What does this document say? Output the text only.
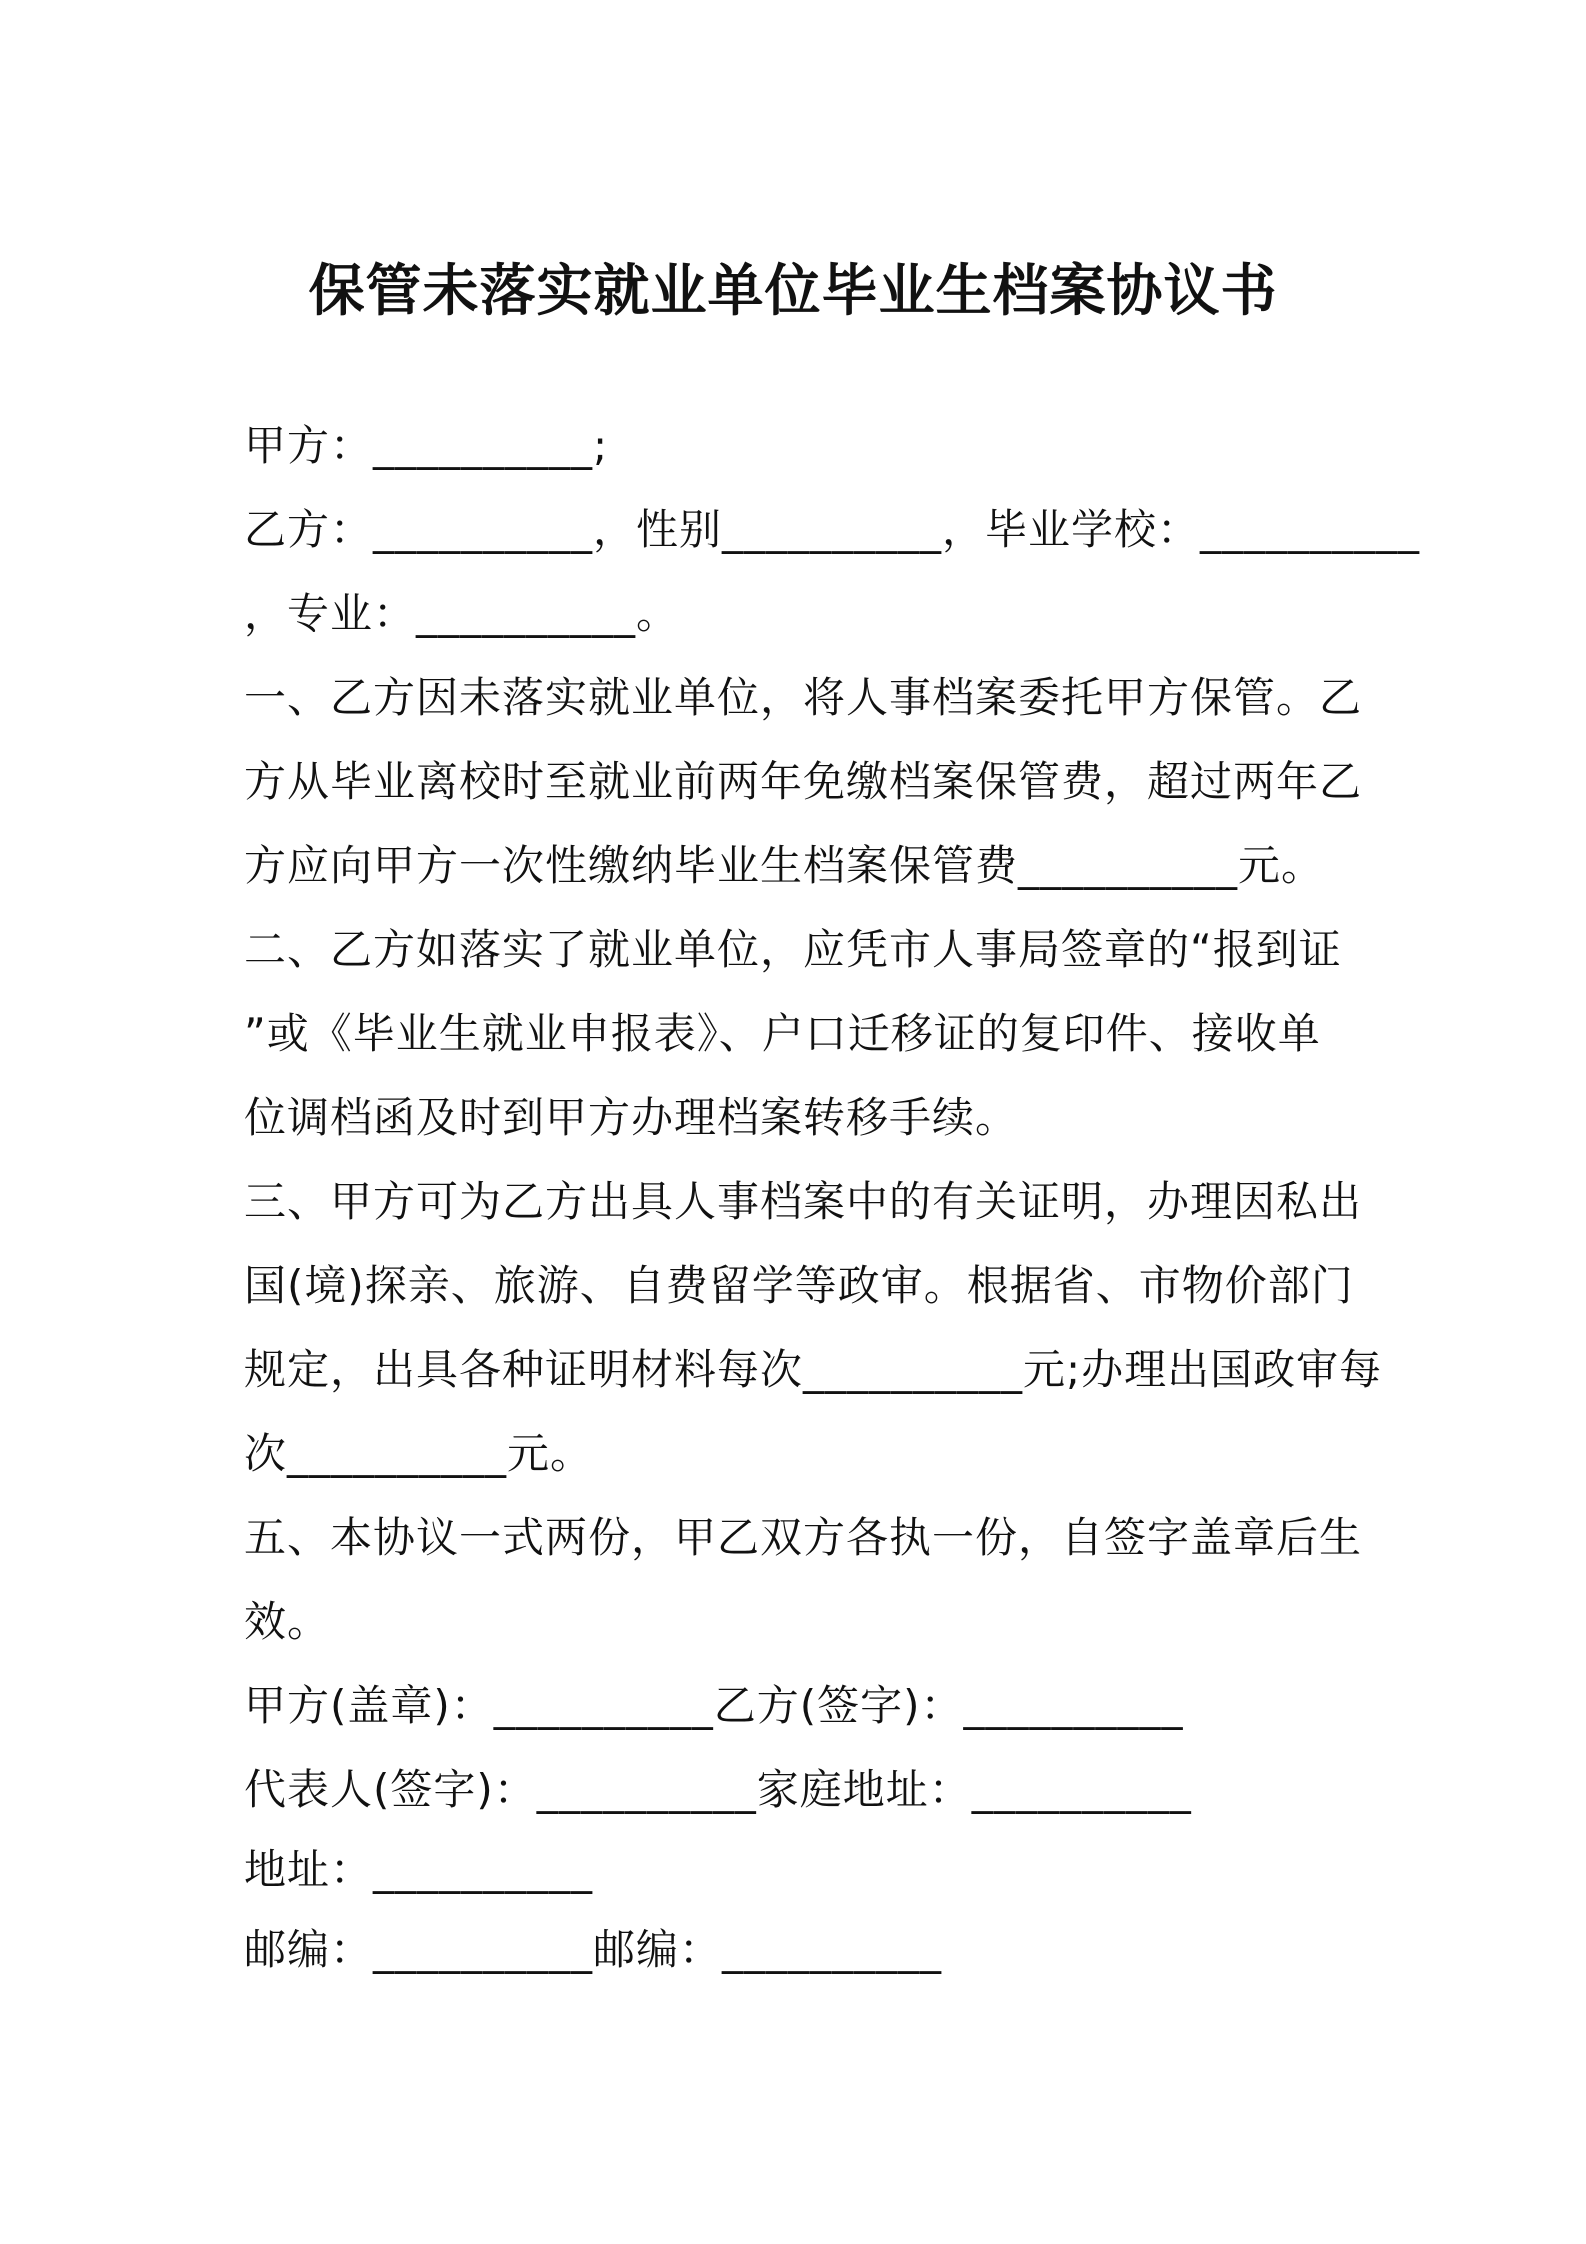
保管未落实就业单位毕业生档案协议书
甲方：__________;
乙方：__________，性别__________，毕业学校：__________
，专业：__________。
一、乙方因未落实就业单位，将人事档案委托甲方保管。乙
方从毕业离校时至就业前两年免缴档案保管费，超过两年乙
方应向甲方一次性缴纳毕业生档案保管费__________元。
二、乙方如落实了就业单位，应凭市人事局签章的“报到证
”或《毕业生就业申报表》、户口迁移证的复印件、接收单
位调档函及时到甲方办理档案转移手续。
三、甲方可为乙方出具人事档案中的有关证明，办理因私出
国(境)探亲、旅游、自费留学等政审。根据省、市物价部门
规定，出具各种证明材料每次__________元;办理出国政审每
次__________元。
五、本协议一式两份，甲乙双方各执一份，自签字盖章后生
效。
甲方(盖章)：__________乙方(签字)：__________
代表人(签字)：__________家庭地址：__________
地址：__________
邮编：__________邮编：__________
